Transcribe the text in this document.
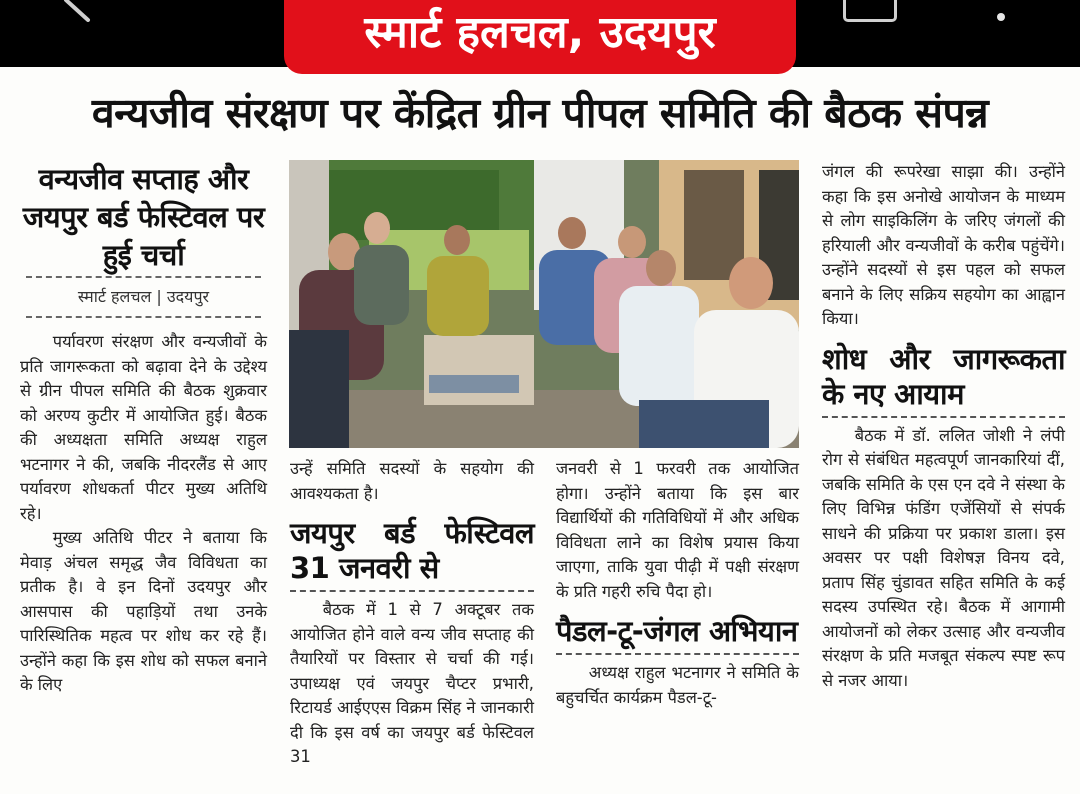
स्मार्ट हलचल, उदयपुर
वन्यजीव संरक्षण पर केंद्रित ग्रीन पीपल समिति की बैठक संपन्न
वन्यजीव सप्ताह और जयपुर बर्ड फेस्टिवल पर हुई चर्चा
स्मार्ट हलचल | उदयपुर

पर्यावरण संरक्षण और वन्यजीवों के प्रति जागरूकता को बढ़ावा देने के उद्देश्य से ग्रीन पीपल समिति की बैठक शुक्रवार को अरण्य कुटीर में आयोजित हुई। बैठक की अध्यक्षता समिति अध्यक्ष राहुल भटनागर ने की, जबकि नीदरलैंड से आए पर्यावरण शोधकर्ता पीटर मुख्य अतिथि रहे।

मुख्य अतिथि पीटर ने बताया कि मेवाड़ अंचल समृद्ध जैव विविधता का प्रतीक है। वे इन दिनों उदयपुर और आसपास की पहाड़ियों तथा उनके पारिस्थितिक महत्व पर शोध कर रहे हैं। उन्होंने कहा कि इस शोध को सफल बनाने के लिए

उन्हें समिति सदस्यों के सहयोग की आवश्यकता है।

जयपुर बर्ड फेस्टिवल 31 जनवरी से

बैठक में 1 से 7 अक्टूबर तक आयोजित होने वाले वन्य जीव सप्ताह की तैयारियों पर विस्तार से चर्चा की गई। उपाध्यक्ष एवं जयपुर चैप्टर प्रभारी, रिटायर्ड आईएएस विक्रम सिंह ने जानकारी दी कि इस वर्ष का जयपुर बर्ड फेस्टिवल 31

जनवरी से 1 फरवरी तक आयोजित होगा। उन्होंने बताया कि इस बार विद्यार्थियों की गतिविधियों में और अधिक विविधता लाने का विशेष प्रयास किया जाएगा, ताकि युवा पीढ़ी में पक्षी संरक्षण के प्रति गहरी रुचि पैदा हो।

पैडल-टू-जंगल अभियान

अध्यक्ष राहुल भटनागर ने समिति के बहुचर्चित कार्यक्रम पैडल-टू-

जंगल की रूपरेखा साझा की। उन्होंने कहा कि इस अनोखे आयोजन के माध्यम से लोग साइकिलिंग के जरिए जंगलों की हरियाली और वन्यजीवों के करीब पहुंचेंगे। उन्होंने सदस्यों से इस पहल को सफल बनाने के लिए सक्रिय सहयोग का आह्वान किया।

शोध और जागरूकता के नए आयाम

बैठक में डॉ. ललित जोशी ने लंपी रोग से संबंधित महत्वपूर्ण जानकारियां दीं, जबकि समिति के एस एन दवे ने संस्था के लिए विभिन्न फंडिंग एजेंसियों से संपर्क साधने की प्रक्रिया पर प्रकाश डाला। इस अवसर पर पक्षी विशेषज्ञ विनय दवे, प्रताप सिंह चुंडावत सहित समिति के कई सदस्य उपस्थित रहे। बैठक में आगामी आयोजनों को लेकर उत्साह और वन्यजीव संरक्षण के प्रति मजबूत संकल्प स्पष्ट रूप से नजर आया।
